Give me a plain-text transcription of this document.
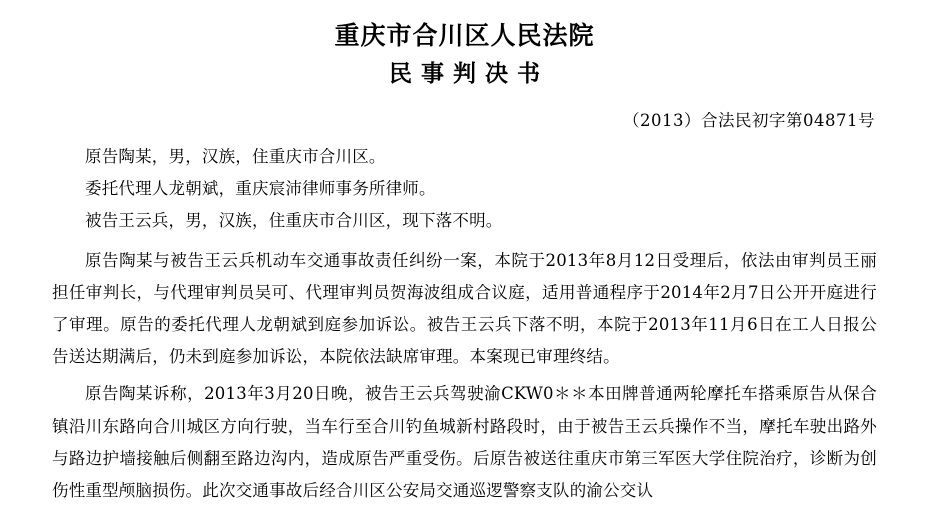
重庆市合川区人民法院
民事判决书
（2013）合法民初字第04871号

原告陶某，男，汉族，住重庆市合川区。

委托代理人龙朝斌，重庆宸沛律师事务所律师。

被告王云兵，男，汉族，住重庆市合川区，现下落不明。

原告陶某与被告王云兵机动车交通事故责任纠纷一案，本院于2013年8月12日受理后，依法由审判员王丽担任审判长，与代理审判员吴可、代理审判员贺海波组成合议庭，适用普通程序于2014年2月7日公开开庭进行了审理。原告的委托代理人龙朝斌到庭参加诉讼。被告王云兵下落不明，本院于2013年11月6日在工人日报公告送达期满后，仍未到庭参加诉讼，本院依法缺席审理。本案现已审理终结。

原告陶某诉称，2013年3月20日晚，被告王云兵驾驶渝CKW0＊＊本田牌普通两轮摩托车搭乘原告从保合镇沿川东路向合川城区方向行驶，当车行至合川钓鱼城新村路段时，由于被告王云兵操作不当，摩托车驶出路外与路边护墙接触后侧翻至路边沟内，造成原告严重受伤。后原告被送往重庆市第三军医大学住院治疗，诊断为创伤性重型颅脑损伤。此次交通事故后经合川区公安局交通巡逻警察支队的渝公交认
